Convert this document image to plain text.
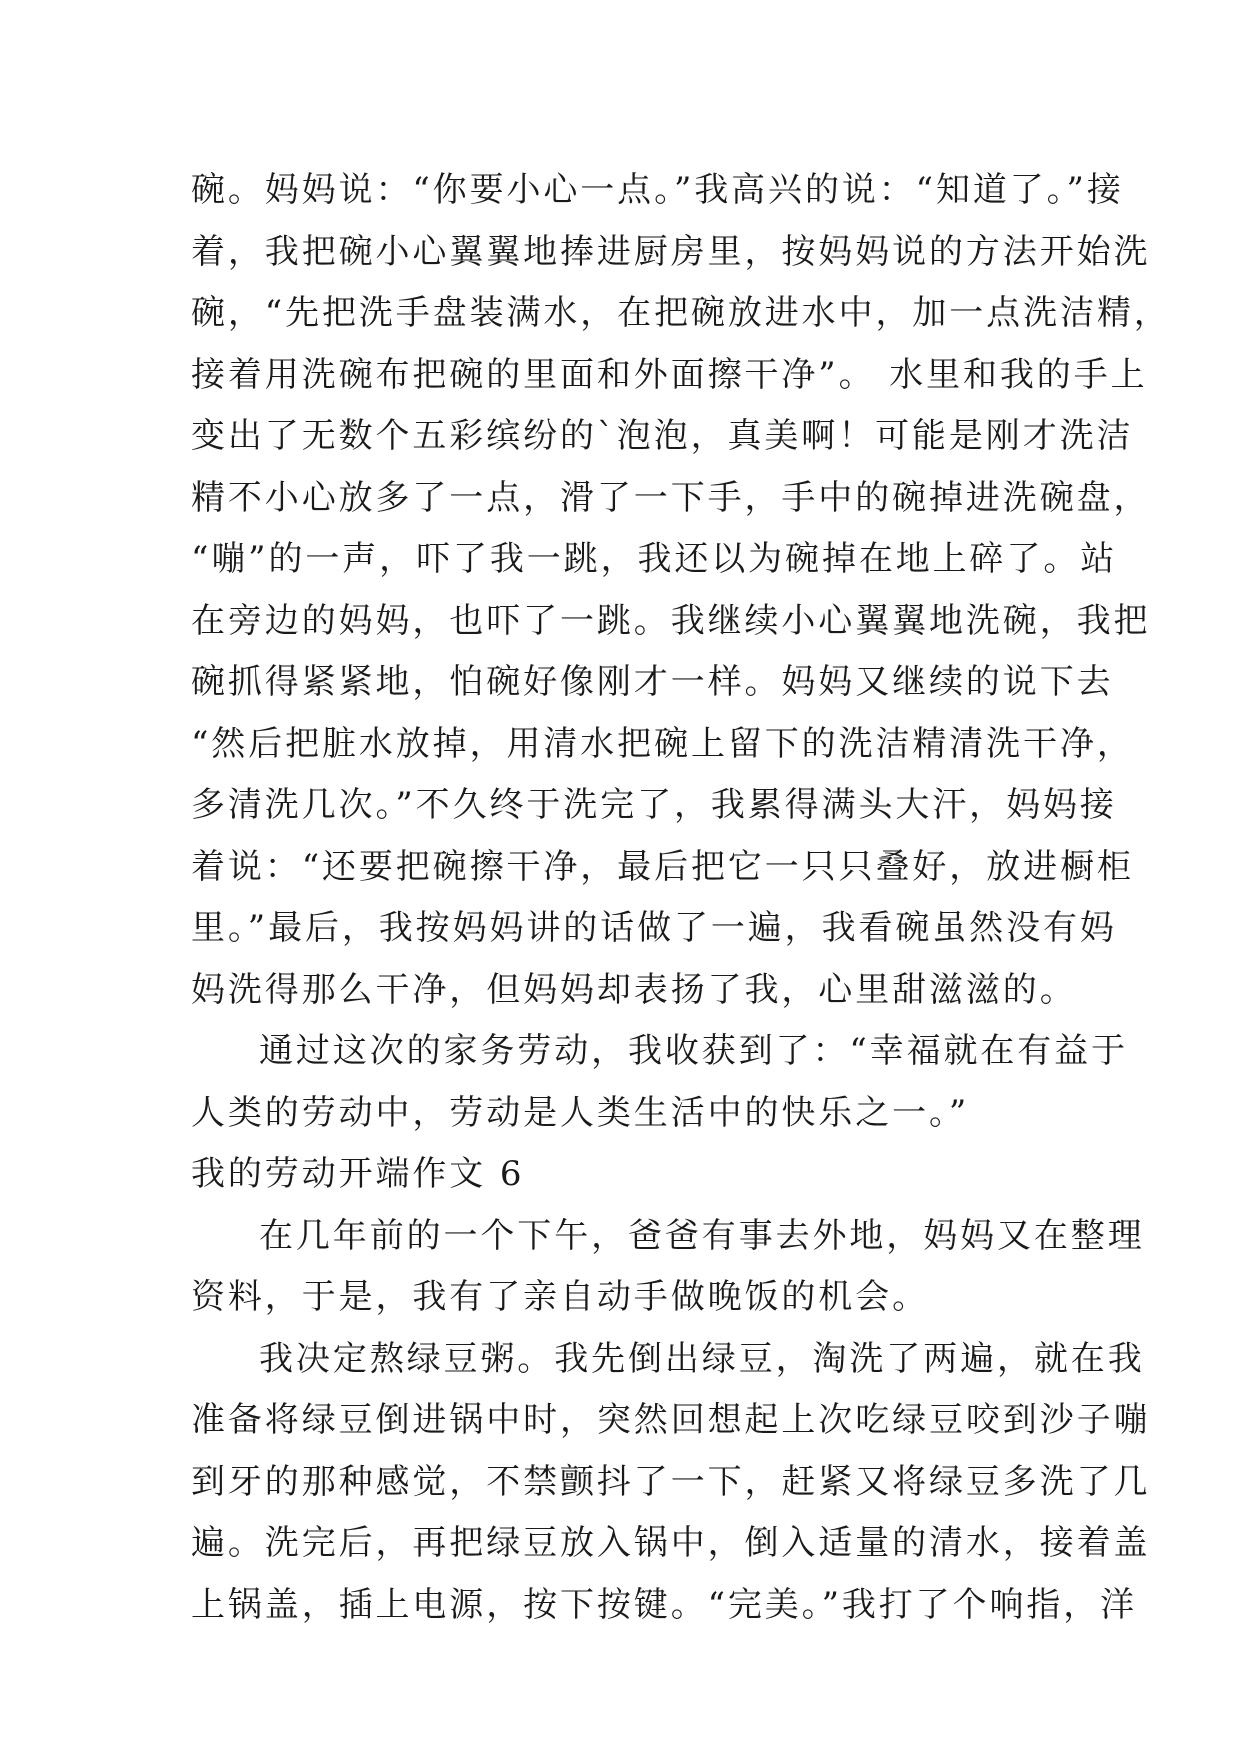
碗。妈妈说：“你要小心一点。”我高兴的说：“知道了。”接
着，我把碗小心翼翼地捧进厨房里，按妈妈说的方法开始洗
碗，“先把洗手盘装满水，在把碗放进水中，加一点洗洁精，
接着用洗碗布把碗的里面和外面擦干净”。 水里和我的手上
变出了无数个五彩缤纷的`泡泡，真美啊！可能是刚才洗洁
精不小心放多了一点，滑了一下手，手中的碗掉进洗碗盘，
“嘣”的一声，吓了我一跳，我还以为碗掉在地上碎了。站
在旁边的妈妈，也吓了一跳。我继续小心翼翼地洗碗，我把
碗抓得紧紧地，怕碗好像刚才一样。妈妈又继续的说下去
“然后把脏水放掉，用清水把碗上留下的洗洁精清洗干净，
多清洗几次。”不久终于洗完了，我累得满头大汗，妈妈接
着说：“还要把碗擦干净，最后把它一只只叠好，放进橱柜
里。”最后，我按妈妈讲的话做了一遍，我看碗虽然没有妈
妈洗得那么干净，但妈妈却表扬了我，心里甜滋滋的。
通过这次的家务劳动，我收获到了：“幸福就在有益于
人类的劳动中，劳动是人类生活中的快乐之一。”
我的劳动开端作文 6
在几年前的一个下午，爸爸有事去外地，妈妈又在整理
资料，于是，我有了亲自动手做晚饭的机会。
我决定熬绿豆粥。我先倒出绿豆，淘洗了两遍，就在我
准备将绿豆倒进锅中时，突然回想起上次吃绿豆咬到沙子嘣
到牙的那种感觉，不禁颤抖了一下，赶紧又将绿豆多洗了几
遍。洗完后，再把绿豆放入锅中，倒入适量的清水，接着盖
上锅盖，插上电源，按下按键。“完美。”我打了个响指，洋
